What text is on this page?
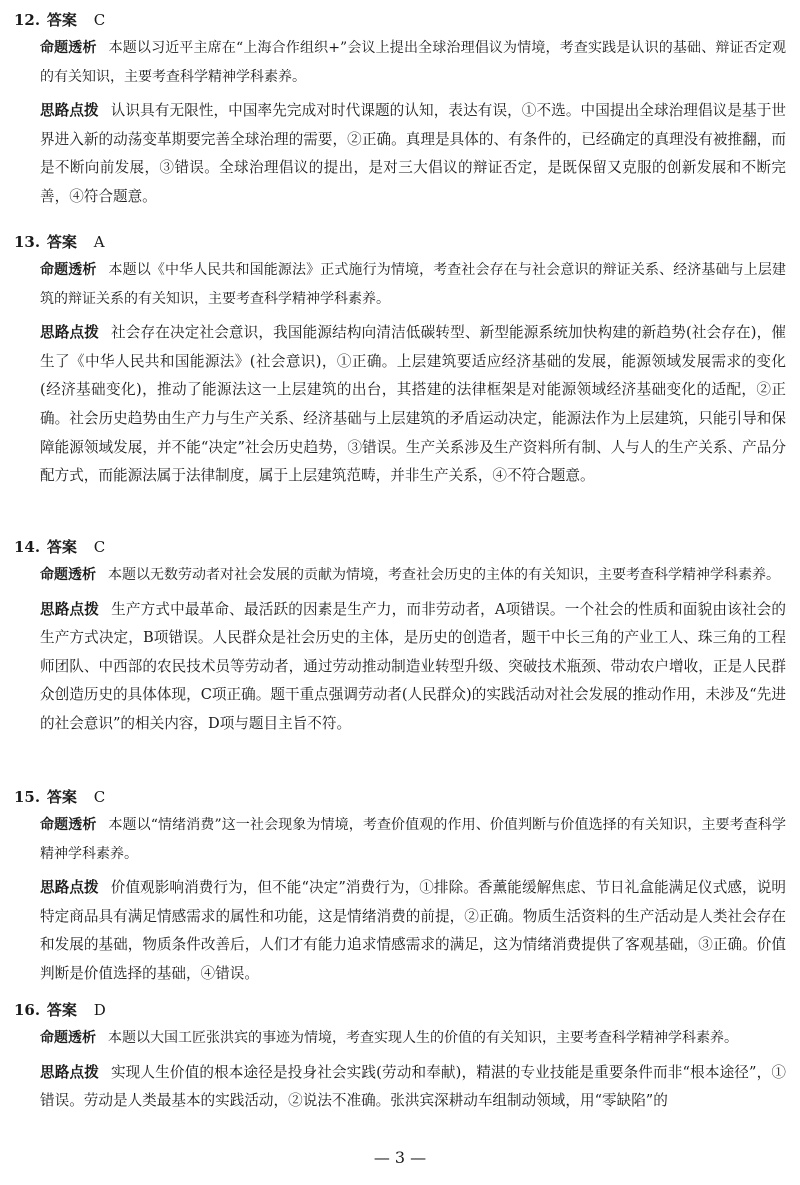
12. 答案 C
命题透析 本题以习近平主席在“上海合作组织+”会议上提出全球治理倡议为情境，考查实践是认识的基础、辩证否定观的有关知识，主要考查科学精神学科素养。
思路点拨 认识具有无限性，中国率先完成对时代课题的认知，表达有误，①不选。中国提出全球治理倡议是基于世界进入新的动荡变革期要完善全球治理的需要，②正确。真理是具体的、有条件的，已经确定的真理没有被推翻，而是不断向前发展，③错误。全球治理倡议的提出，是对三大倡议的辩证否定，是既保留又克服的创新发展和不断完善，④符合题意。
13. 答案 A
命题透析 本题以《中华人民共和国能源法》正式施行为情境，考查社会存在与社会意识的辩证关系、经济基础与上层建筑的辩证关系的有关知识，主要考查科学精神学科素养。
思路点拨 社会存在决定社会意识，我国能源结构向清洁低碳转型、新型能源系统加快构建的新趋势(社会存在)，催生了《中华人民共和国能源法》(社会意识)，①正确。上层建筑要适应经济基础的发展，能源领域发展需求的变化(经济基础变化)，推动了能源法这一上层建筑的出台，其搭建的法律框架是对能源领域经济基础变化的适配，②正确。社会历史趋势由生产力与生产关系、经济基础与上层建筑的矛盾运动决定，能源法作为上层建筑，只能引导和保障能源领域发展，并不能“决定”社会历史趋势，③错误。生产关系涉及生产资料所有制、人与人的生产关系、产品分配方式，而能源法属于法律制度，属于上层建筑范畴，并非生产关系，④不符合题意。
14. 答案 C
命题透析 本题以无数劳动者对社会发展的贡献为情境，考查社会历史的主体的有关知识，主要考查科学精神学科素养。
思路点拨 生产方式中最革命、最活跃的因素是生产力，而非劳动者，A项错误。一个社会的性质和面貌由该社会的生产方式决定，B项错误。人民群众是社会历史的主体，是历史的创造者，题干中长三角的产业工人、珠三角的工程师团队、中西部的农民技术员等劳动者，通过劳动推动制造业转型升级、突破技术瓶颈、带动农户增收，正是人民群众创造历史的具体体现，C项正确。题干重点强调劳动者(人民群众)的实践活动对社会发展的推动作用，未涉及“先进的社会意识”的相关内容，D项与题目主旨不符。
15. 答案 C
命题透析 本题以“情绪消费”这一社会现象为情境，考查价值观的作用、价值判断与价值选择的有关知识，主要考查科学精神学科素养。
思路点拨 价值观影响消费行为，但不能“决定”消费行为，①排除。香薰能缓解焦虑、节日礼盒能满足仪式感，说明特定商品具有满足情感需求的属性和功能，这是情绪消费的前提，②正确。物质生活资料的生产活动是人类社会存在和发展的基础，物质条件改善后，人们才有能力追求情感需求的满足，这为情绪消费提供了客观基础，③正确。价值判断是价值选择的基础，④错误。
16. 答案 D
命题透析 本题以大国工匠张洪宾的事迹为情境，考查实现人生的价值的有关知识，主要考查科学精神学科素养。
思路点拨 实现人生价值的根本途径是投身社会实践(劳动和奉献)，精湛的专业技能是重要条件而非“根本途径”，①错误。劳动是人类最基本的实践活动，②说法不准确。张洪宾深耕动车组制动领域，用“零缺陷”的
— 3 —
